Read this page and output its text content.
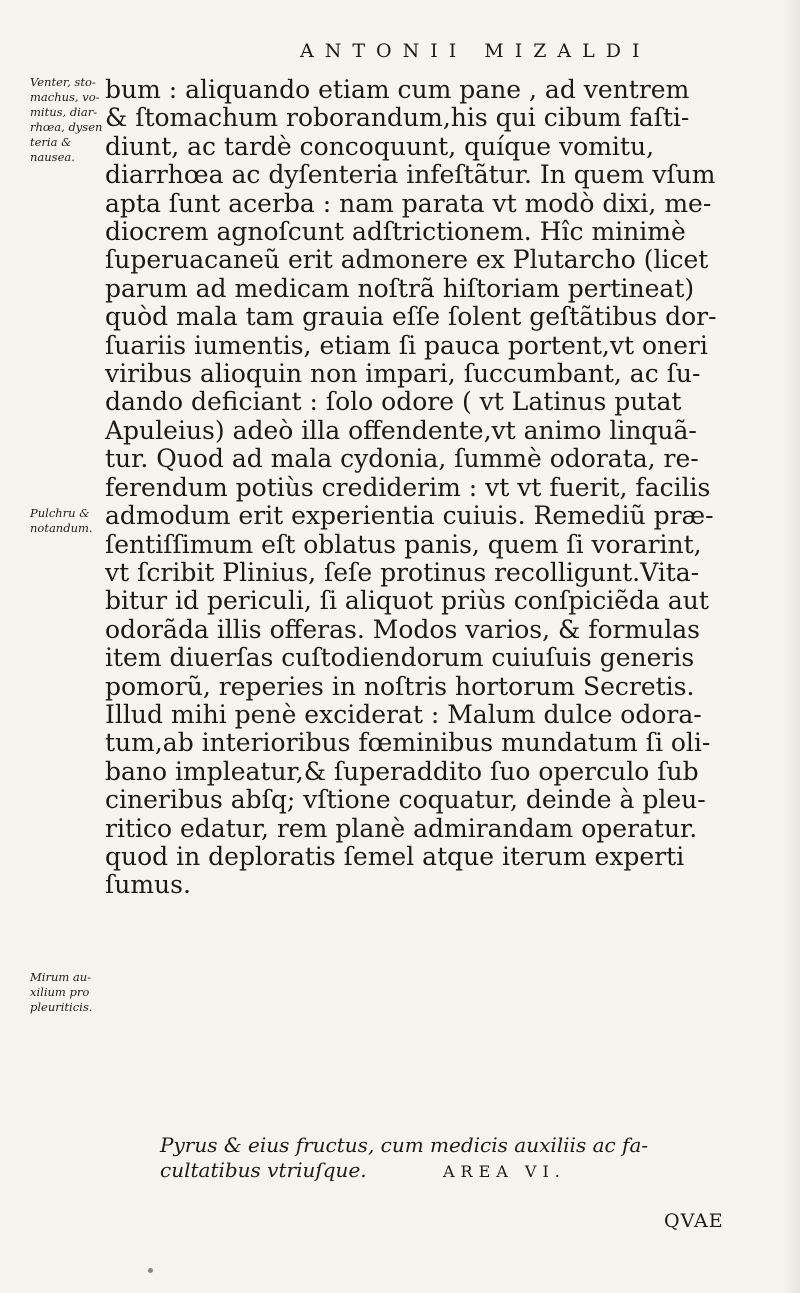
ANTONII MIZALDI
Venter, sto-
machus, vo-
mitus, diar-
rhœa, dysen
teria &
nausea.
Pulchru &
notandum.
Mirum au-
xilium pro
pleuriticis.
bum : aliquando etiam cum pane , ad ventrem
& ſtomachum roborandum,his qui cibum faſti-
diunt, ac tardè concoquunt, quíque vomitu,
diarrhœa ac dyſenteria infeſtãtur. In quem vſum
apta ſunt acerba : nam parata vt modò dixi, me-
diocrem agnoſcunt adſtrictionem. Hîc minimè
ſuperuacaneũ erit admonere ex Plutarcho (licet
parum ad medicam noſtrã hiſtoriam pertineat)
quòd mala tam grauia eſſe ſolent geſtãtibus dor-
ſuariis iumentis, etiam ſi pauca portent,vt oneri
viribus alioquin non impari, ſuccumbant, ac ſu-
dando deficiant : ſolo odore ( vt Latinus putat
Apuleius) adeò illa offendente,vt animo linquã-
tur. Quod ad mala cydonia, ſummè odorata, re-
ferendum potiùs crediderim : vt vt fuerit, facilis
admodum erit experientia cuiuis. Remediũ præ-
ſentiſſimum eſt oblatus panis, quem ſi vorarint,
vt ſcribit Plinius, ſeſe protinus recolligunt.Vita-
bitur id periculi, ſi aliquot priùs conſpiciẽda aut
odorãda illis offeras. Modos varios, & formulas
item diuerſas cuſtodiendorum cuiuſuis generis
pomorũ, reperies in noſtris hortorum Secretis.
Illud mihi penè exciderat : Malum dulce odora-
tum,ab interioribus fœminibus mundatum ſi oli-
bano impleatur,& ſuperaddito ſuo operculo ſub
cineribus abſq; vſtione coquatur, deinde à pleu-
ritico edatur, rem planè admirandam operatur.
quod in deploratis ſemel atque iterum experti
ſumus.
Pyrus & eius fructus, cum medicis auxiliis ac fa-
cultatibus vtriuſque.	AREA VI.
QVAE
